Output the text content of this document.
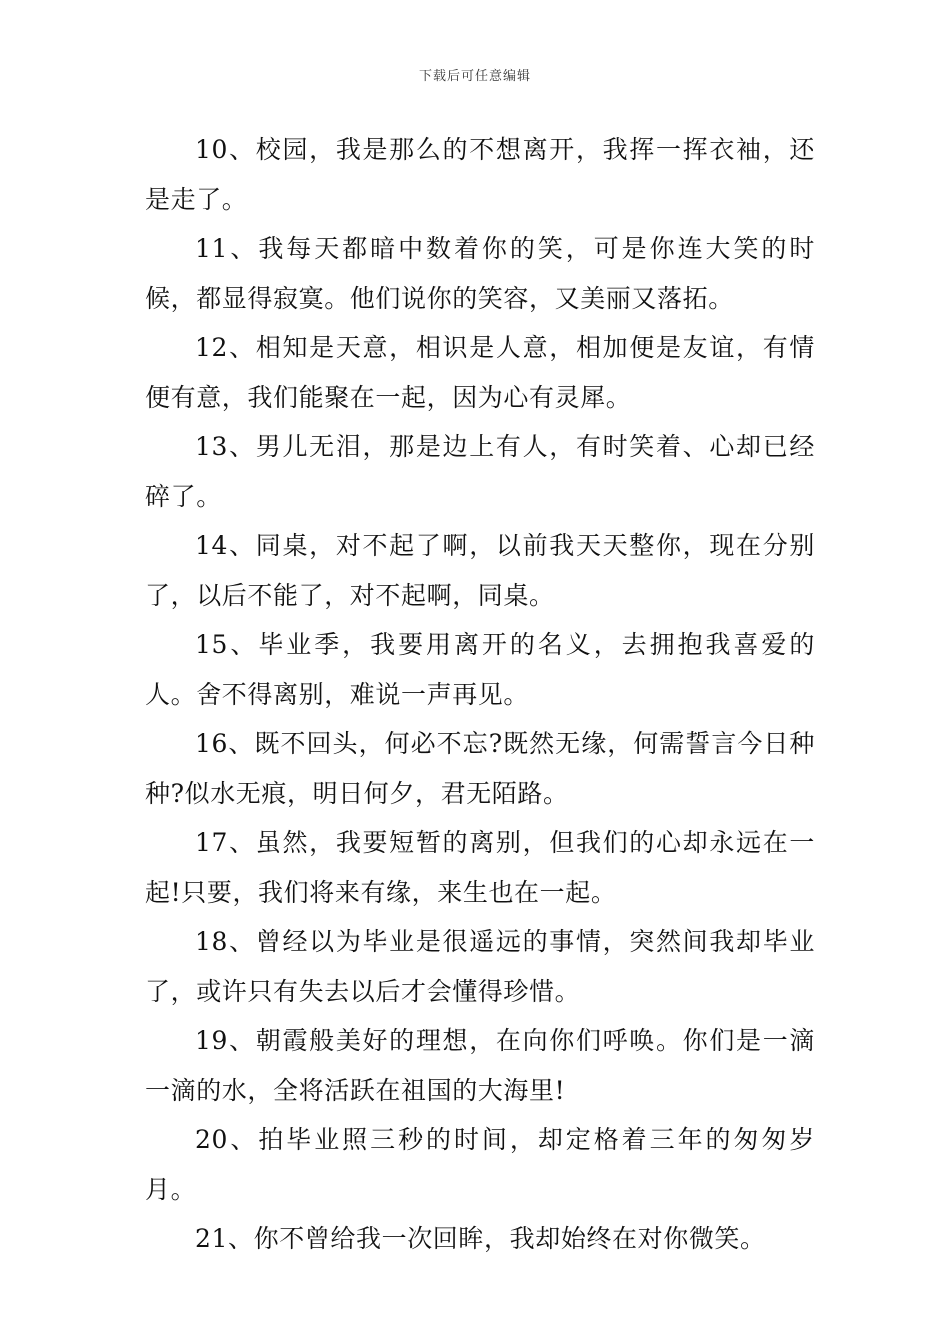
下载后可任意编辑

10、校园，我是那么的不想离开，我挥一挥衣袖，还是走了。

11、我每天都暗中数着你的笑，可是你连大笑的时候，都显得寂寞。他们说你的笑容，又美丽又落拓。

12、相知是天意，相识是人意，相加便是友谊，有情便有意，我们能聚在一起，因为心有灵犀。

13、男儿无泪，那是边上有人，有时笑着、心却已经碎了。

14、同桌，对不起了啊，以前我天天整你，现在分别了，以后不能了，对不起啊，同桌。

15、毕业季，我要用离开的名义，去拥抱我喜爱的人。舍不得离别，难说一声再见。

16、既不回头，何必不忘?既然无缘，何需誓言今日种种?似水无痕，明日何夕，君无陌路。

17、虽然，我要短暂的离别，但我们的心却永远在一起!只要，我们将来有缘，来生也在一起。

18、曾经以为毕业是很遥远的事情，突然间我却毕业了，或许只有失去以后才会懂得珍惜。

19、朝霞般美好的理想，在向你们呼唤。你们是一滴一滴的水，全将活跃在祖国的大海里!

20、拍毕业照三秒的时间，却定格着三年的匆匆岁月。

21、你不曾给我一次回眸，我却始终在对你微笑。
